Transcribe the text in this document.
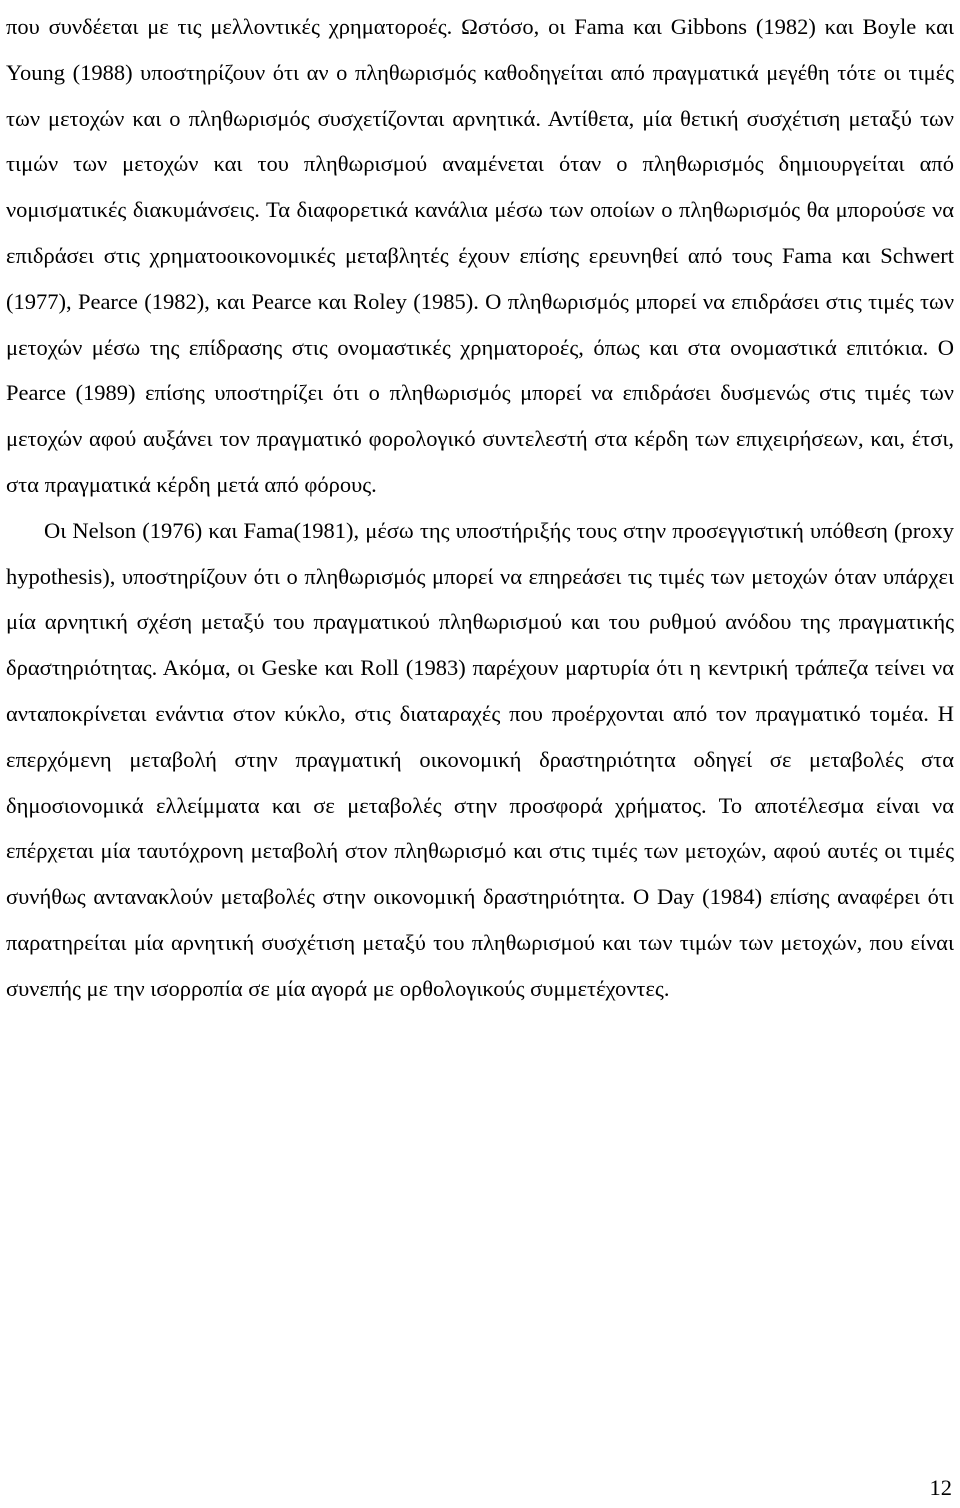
που συνδέεται με τις μελλοντικές χρηματοροές. Ωστόσο, οι Fama και Gibbons (1982) και Boyle και Young (1988) υποστηρίζουν ότι αν ο πληθωρισμός καθοδηγείται από πραγματικά μεγέθη τότε οι τιμές των μετοχών και ο πληθωρισμός συσχετίζονται αρνητικά. Αντίθετα, μία θετική συσχέτιση μεταξύ των τιμών των μετοχών και του πληθωρισμού αναμένεται όταν ο πληθωρισμός δημιουργείται από νομισματικές διακυμάνσεις. Τα διαφορετικά κανάλια μέσω των οποίων ο πληθωρισμός θα μπορούσε να επιδράσει στις χρηματοοικονομικές μεταβλητές έχουν επίσης ερευνηθεί από τους Fama και Schwert (1977), Pearce (1982), και Pearce και Roley (1985). Ο πληθωρισμός μπορεί να επιδράσει στις τιμές των μετοχών μέσω της επίδρασης στις ονομαστικές χρηματοροές, όπως και στα ονομαστικά επιτόκια. Ο Pearce (1989) επίσης υποστηρίζει ότι ο πληθωρισμός μπορεί να επιδράσει δυσμενώς στις τιμές των μετοχών αφού αυξάνει τον πραγματικό φορολογικό συντελεστή στα κέρδη των επιχειρήσεων, και, έτσι, στα πραγματικά κέρδη μετά από φόρους.

Οι Nelson (1976) και Fama(1981), μέσω της υποστήριξής τους στην προσεγγιστική υπόθεση (proxy hypothesis), υποστηρίζουν ότι ο πληθωρισμός μπορεί να επηρεάσει τις τιμές των μετοχών όταν υπάρχει μία αρνητική σχέση μεταξύ του πραγματικού πληθωρισμού και του ρυθμού ανόδου της πραγματικής δραστηριότητας. Ακόμα, οι Geske και Roll (1983) παρέχουν μαρτυρία ότι η κεντρική τράπεζα τείνει να ανταποκρίνεται ενάντια στον κύκλο, στις διαταραχές που προέρχονται από τον πραγματικό τομέα. Η επερχόμενη μεταβολή στην πραγματική οικονομική δραστηριότητα οδηγεί σε μεταβολές στα δημοσιονομικά ελλείμματα και σε μεταβολές στην προσφορά χρήματος. Το αποτέλεσμα είναι να επέρχεται μία ταυτόχρονη μεταβολή στον πληθωρισμό και στις τιμές των μετοχών, αφού αυτές οι τιμές συνήθως αντανακλούν μεταβολές στην οικονομική δραστηριότητα. Ο Day (1984) επίσης αναφέρει ότι παρατηρείται μία αρνητική συσχέτιση μεταξύ του πληθωρισμού και των τιμών των μετοχών, που είναι συνεπής με την ισορροπία σε μία αγορά με ορθολογικούς συμμετέχοντες.

12
